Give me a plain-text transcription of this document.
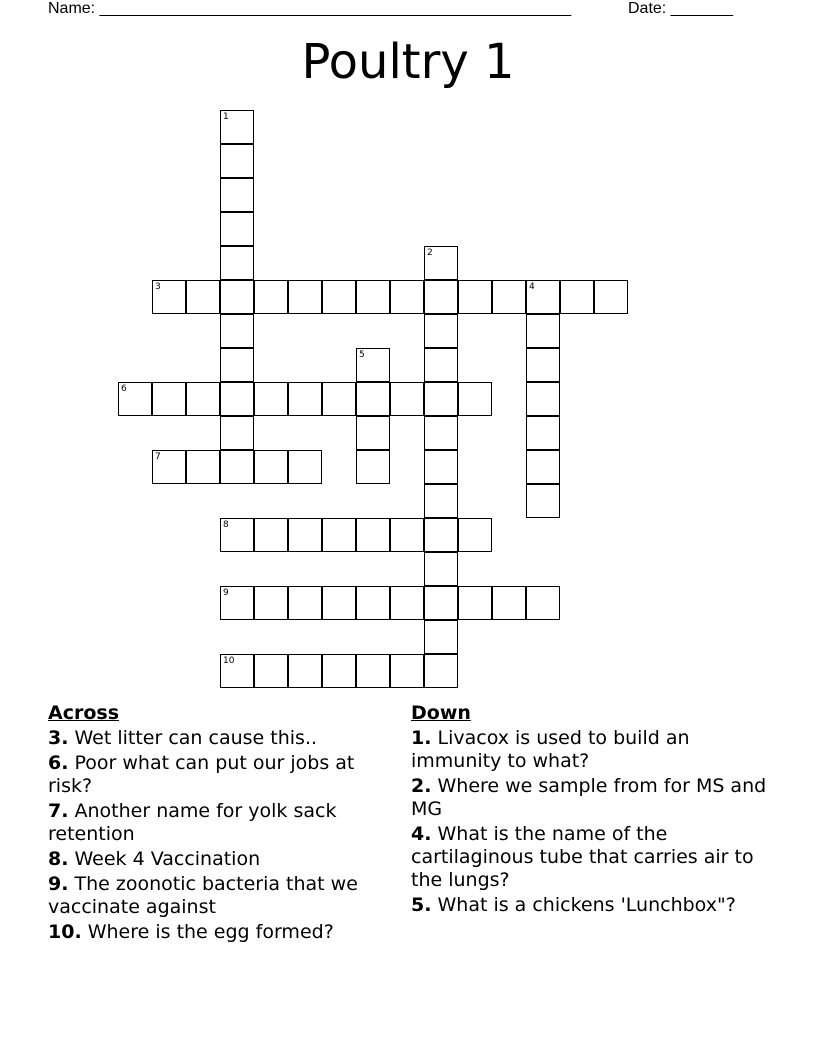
Name: _____________________________________________________	Date: _______
Poultry 1
1
2
3	4
5
6
7
8
9
10
Across
3. Wet litter can cause this..
6. Poor what can put our jobs at risk?
7. Another name for yolk sack retention
8. Week 4 Vaccination
9. The zoonotic bacteria that we vaccinate against
10. Where is the egg formed?
Down
1. Livacox is used to build an immunity to what?
2. Where we sample from for MS and MG
4. What is the name of the cartilaginous tube that carries air to the lungs?
5. What is a chickens 'Lunchbox"?
